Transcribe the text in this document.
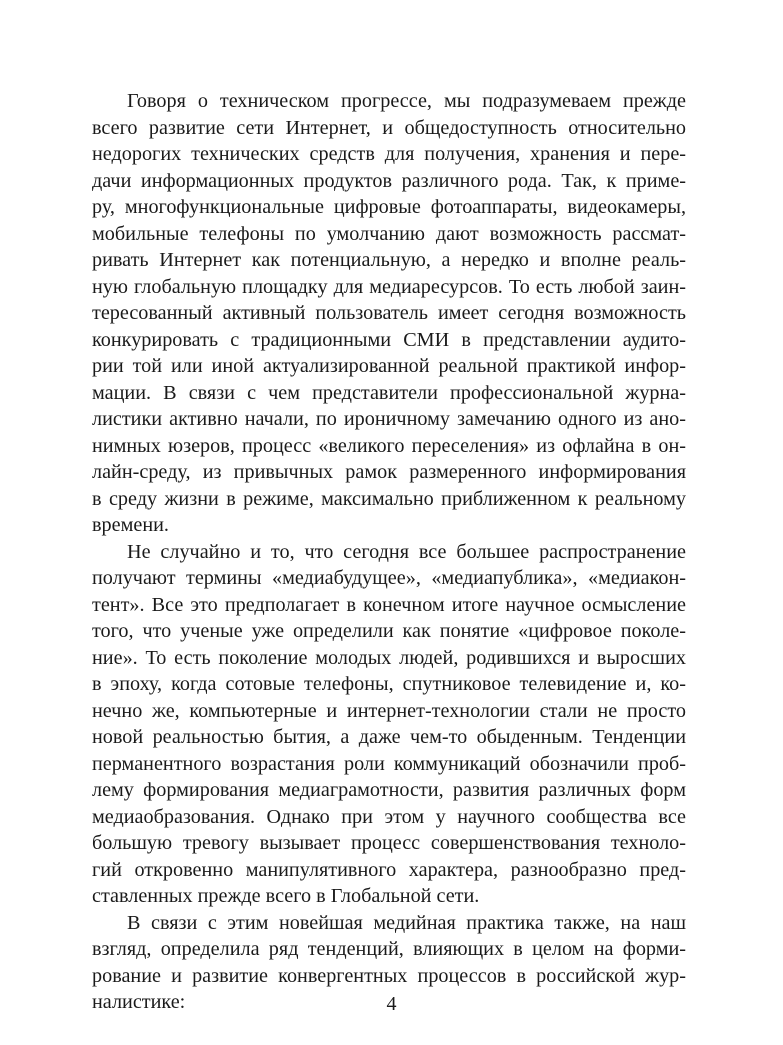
Говоря о техническом прогрессе, мы подразумеваем прежде
всего развитие сети Интернет, и общедоступность относительно
недорогих технических средств для получения, хранения и пере-
дачи информационных продуктов различного рода. Так, к приме-
ру, многофункциональные цифровые фотоаппараты, видеокамеры,
мобильные телефоны по умолчанию дают возможность рассмат-
ривать Интернет как потенциальную, а нередко и вполне реаль-
ную глобальную площадку для медиаресурсов. То есть любой заин-
тересованный активный пользователь имеет сегодня возможность
конкурировать с традиционными СМИ в представлении аудито-
рии той или иной актуализированной реальной практикой инфор-
мации. В связи с чем представители профессиональной журна-
листики активно начали, по ироничному замечанию одного из ано-
нимных юзеров, процесс «великого переселения» из офлайна в он-
лайн-среду, из привычных рамок размеренного информирования
в среду жизни в режиме, максимально приближенном к реальному
времени.

Не случайно и то, что сегодня все большее распространение
получают термины «медиабудущее», «медиапублика», «медиакон-
тент». Все это предполагает в конечном итоге научное осмысление
того, что ученые уже определили как понятие «цифровое поколе-
ние». То есть поколение молодых людей, родившихся и выросших
в эпоху, когда сотовые телефоны, спутниковое телевидение и, ко-
нечно же, компьютерные и интернет-технологии стали не просто
новой реальностью бытия, а даже чем-то обыденным. Тенденции
перманентного возрастания роли коммуникаций обозначили проб-
лему формирования медиаграмотности, развития различных форм
медиаобразования. Однако при этом у научного сообщества все
большую тревогу вызывает процесс совершенствования техноло-
гий откровенно манипулятивного характера, разнообразно пред-
ставленных прежде всего в Глобальной сети.

В связи с этим новейшая медийная практика также, на наш
взгляд, определила ряд тенденций, влияющих в целом на форми-
рование и развитие конвергентных процессов в российской жур-
налистике:	4
